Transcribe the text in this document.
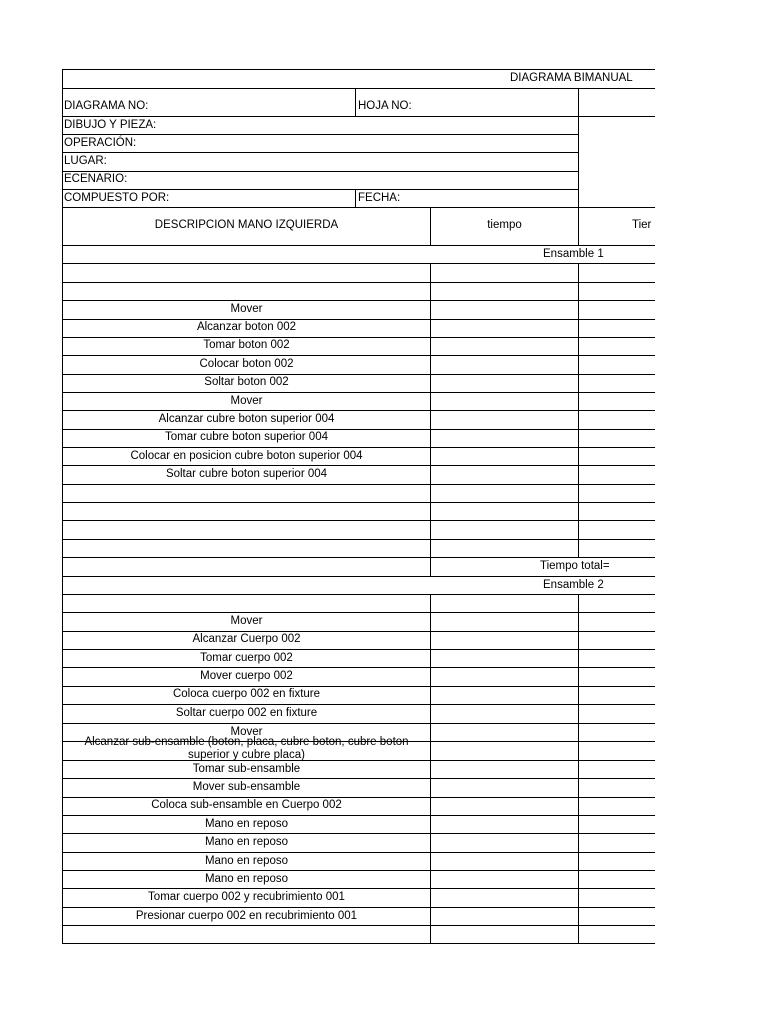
DIAGRAMA BIMANUAL
DIAGRAMA NO:	HOJA NO:
DIBUJO Y PIEZA:
OPERACIÓN:
LUGAR:
ECENARIO:
COMPUESTO POR:	FECHA:
DESCRIPCION MANO IZQUIERDA	tiempo	Tier
Ensamble 1
Mover
Alcanzar boton 002
Tomar boton 002
Colocar boton 002
Soltar boton 002
Mover
Alcanzar cubre boton superior 004
Tomar cubre boton superior 004
Colocar en posicion cubre boton superior 004
Soltar cubre boton superior 004
Tiempo total=
Ensamble 2
Mover
Alcanzar Cuerpo 002
Tomar cuerpo 002
Mover cuerpo 002
Coloca cuerpo 002 en fixture
Soltar cuerpo 002 en fixture
Mover
Alcanzar sub-ensamble (boton, placa, cubre boton, cubre boton superior y cubre placa)
Tomar sub-ensamble
Mover sub-ensamble
Coloca sub-ensamble en Cuerpo 002
Mano en reposo
Mano en reposo
Mano en reposo
Mano en reposo
Tomar cuerpo 002 y recubrimiento 001
Presionar cuerpo 002 en recubrimiento 001
